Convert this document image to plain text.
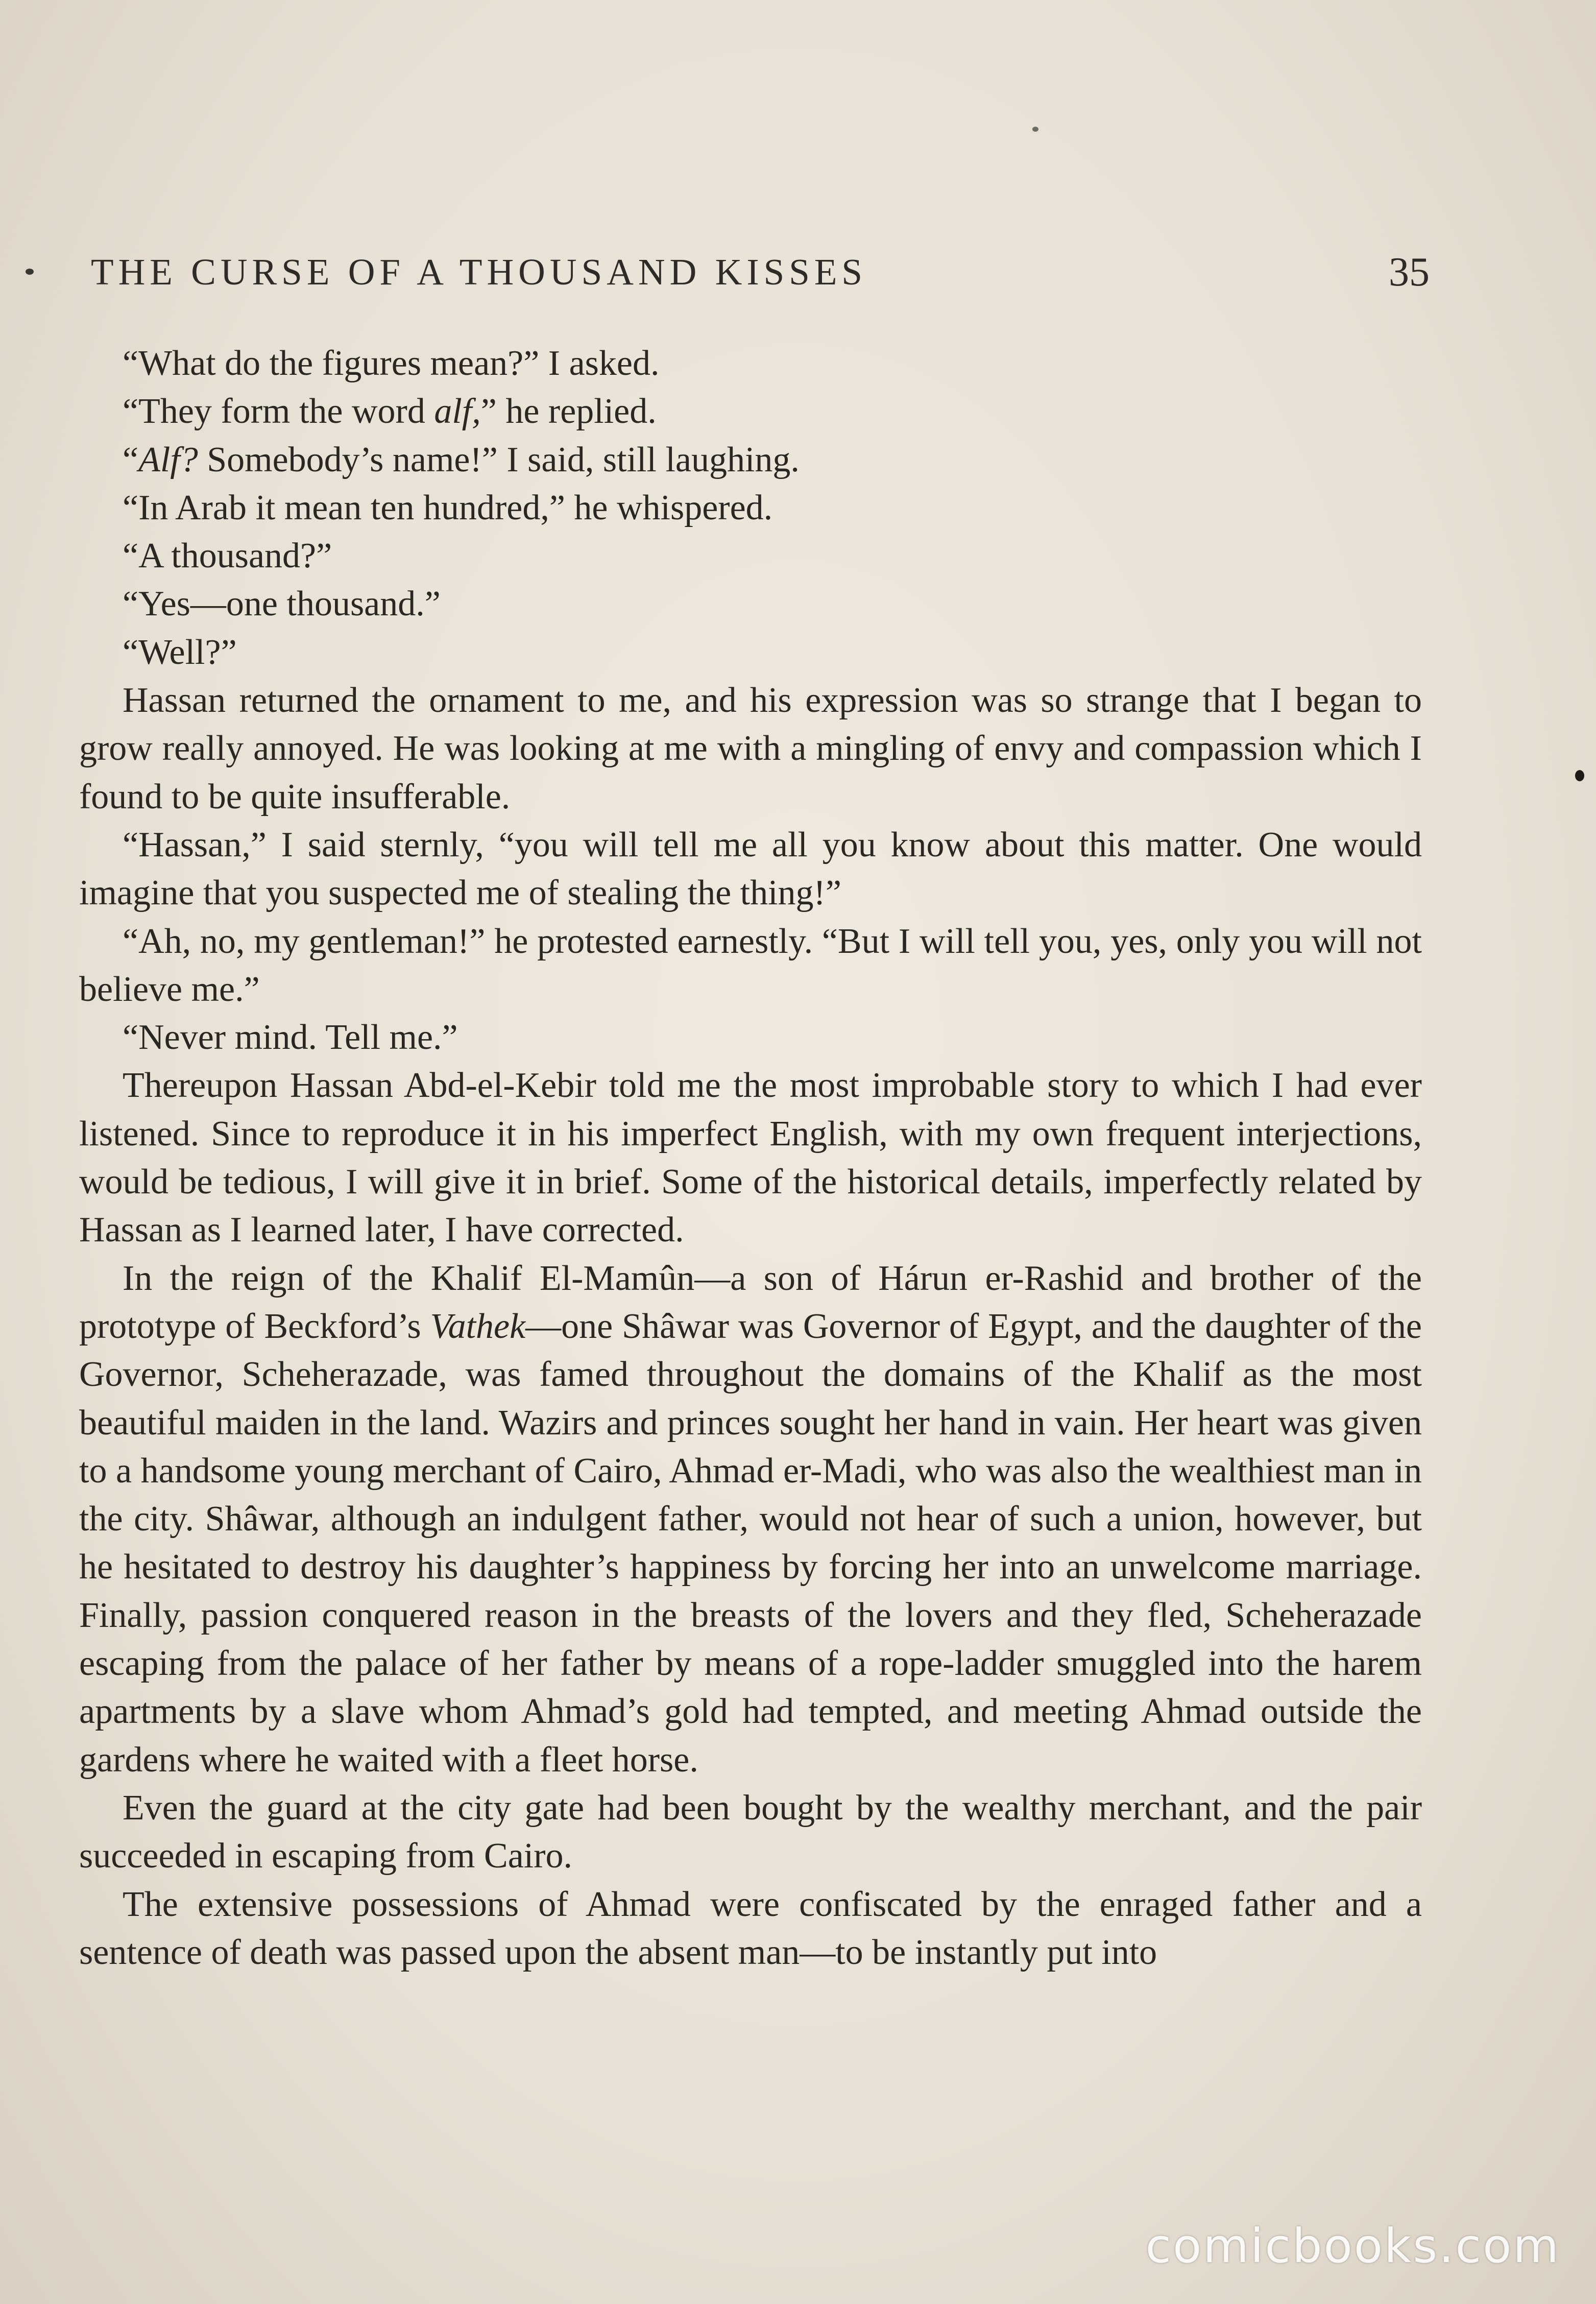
THE CURSE OF A THOUSAND KISSES	35

“What do the figures mean?” I asked.

“They form the word alf,” he replied.

“Alf? Somebody’s name!” I said, still laughing.

“In Arab it mean ten hundred,” he whispered.

“A thousand?”

“Yes—one thousand.”

“Well?”

Hassan returned the ornament to me, and his expression was so strange that I began to grow really annoyed. He was looking at me with a mingling of envy and compassion which I found to be quite insufferable.

“Hassan,” I said sternly, “you will tell me all you know about this matter. One would imagine that you suspected me of stealing the thing!”

“Ah, no, my gentleman!” he protested earnestly. “But I will tell you, yes, only you will not believe me.”

“Never mind. Tell me.”

Thereupon Hassan Abd-el-Kebir told me the most improbable story to which I had ever listened. Since to reproduce it in his imperfect English, with my own frequent interjections, would be tedious, I will give it in brief. Some of the historical details, imperfectly related by Hassan as I learned later, I have corrected.

In the reign of the Khalif El-Mamûn—a son of Hárun er-Rashid and brother of the prototype of Beckford’s Vathek—one Shâwar was Governor of Egypt, and the daughter of the Governor, Scheherazade, was famed throughout the domains of the Khalif as the most beautiful maiden in the land. Wazirs and princes sought her hand in vain. Her heart was given to a handsome young merchant of Cairo, Ahmad er-Madi, who was also the wealthiest man in the city. Shâwar, although an indulgent father, would not hear of such a union, however, but he hesitated to destroy his daughter’s happiness by forcing her into an unwelcome marriage. Finally, passion conquered reason in the breasts of the lovers and they fled, Scheherazade escaping from the palace of her father by means of a rope-ladder smuggled into the harem apartments by a slave whom Ahmad’s gold had tempted, and meeting Ahmad outside the gardens where he waited with a fleet horse.

Even the guard at the city gate had been bought by the wealthy merchant, and the pair succeeded in escaping from Cairo.

The extensive possessions of Ahmad were confiscated by the enraged father and a sentence of death was passed upon the absent man—to be instantly put into

comicbooks.com
